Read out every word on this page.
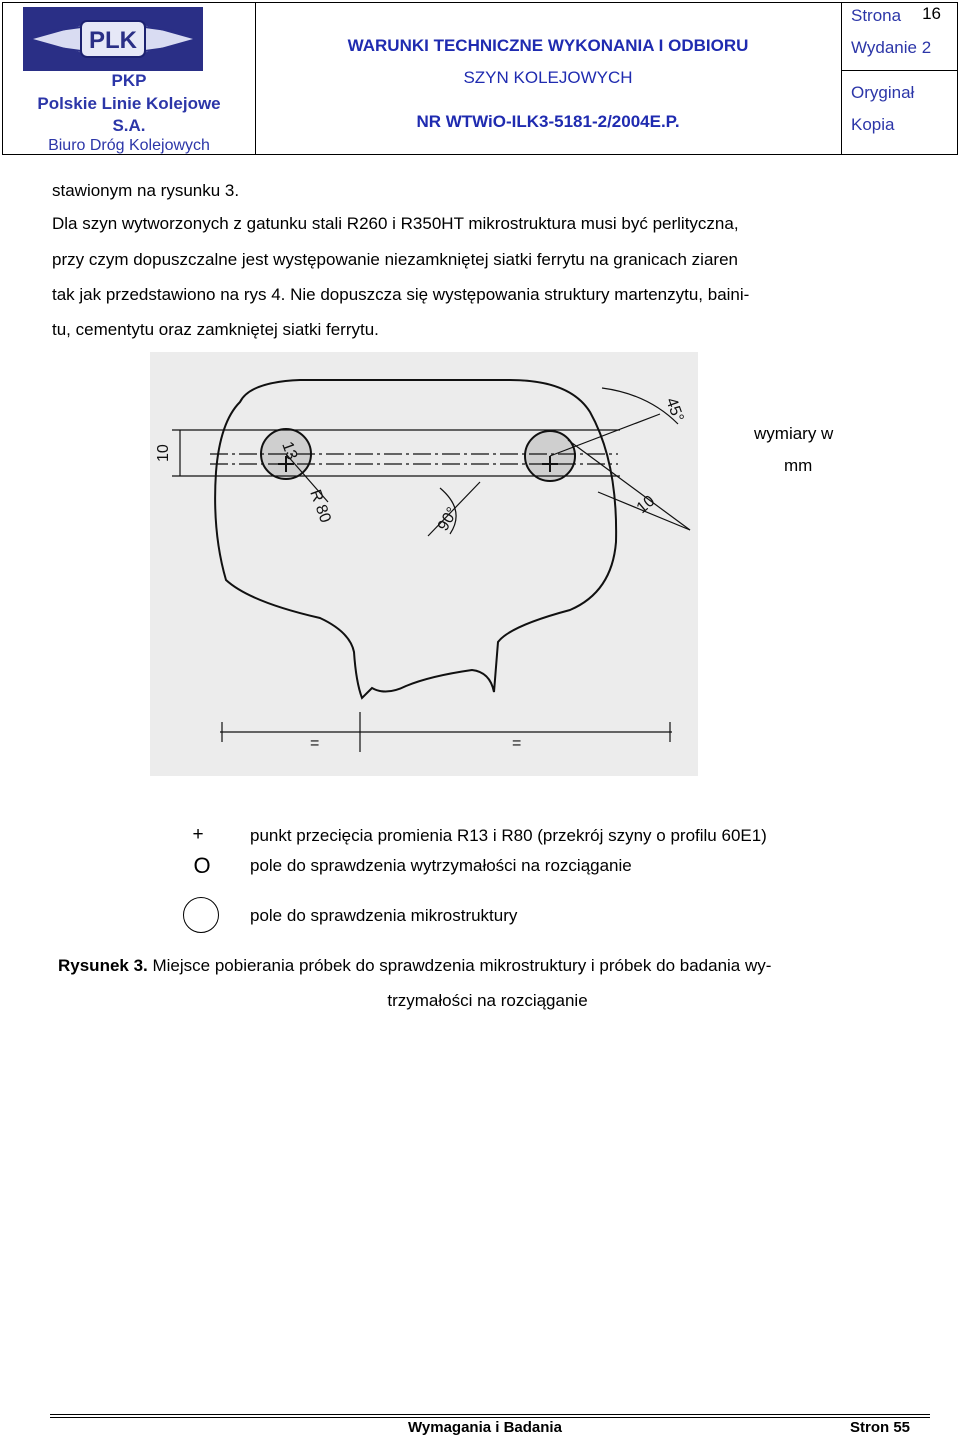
PLK
PKP
Polskie Linie Kolejowe
S.A.
Biuro Dróg Kolejowych
WARUNKI TECHNICZNE WYKONANIA I ODBIORU
SZYN KOLEJOWYCH
NR WTWiO-ILK3-5181-2/2004E.P.
Strona 16
Wydanie 2
Oryginał
Kopia
stawionym na rysunku 3.
Dla szyn wytworzonych z gatunku stali R260 i R350HT mikrostruktura musi być perlityczna,
przy czym dopuszczalne jest występowanie niezamkniętej siatki ferrytu na granicach ziaren
tak jak przedstawiono na rys 4. Nie dopuszcza się występowania struktury martenzytu, baini-
tu, cementytu oraz zamkniętej siatki ferrytu.
13
R 80
10
45°
90°	10
=	=
wymiary w
mm
+	punkt przecięcia promienia R13 i R80 (przekrój szyny o profilu 60E1)
O pole do sprawdzenia wytrzymałości na rozciąganie
pole do sprawdzenia mikrostruktury
Rysunek 3. Miejsce pobierania próbek do sprawdzenia mikrostruktury i próbek do badania wy-
trzymałości na rozciąganie
Wymagania i Badania	Stron 55
